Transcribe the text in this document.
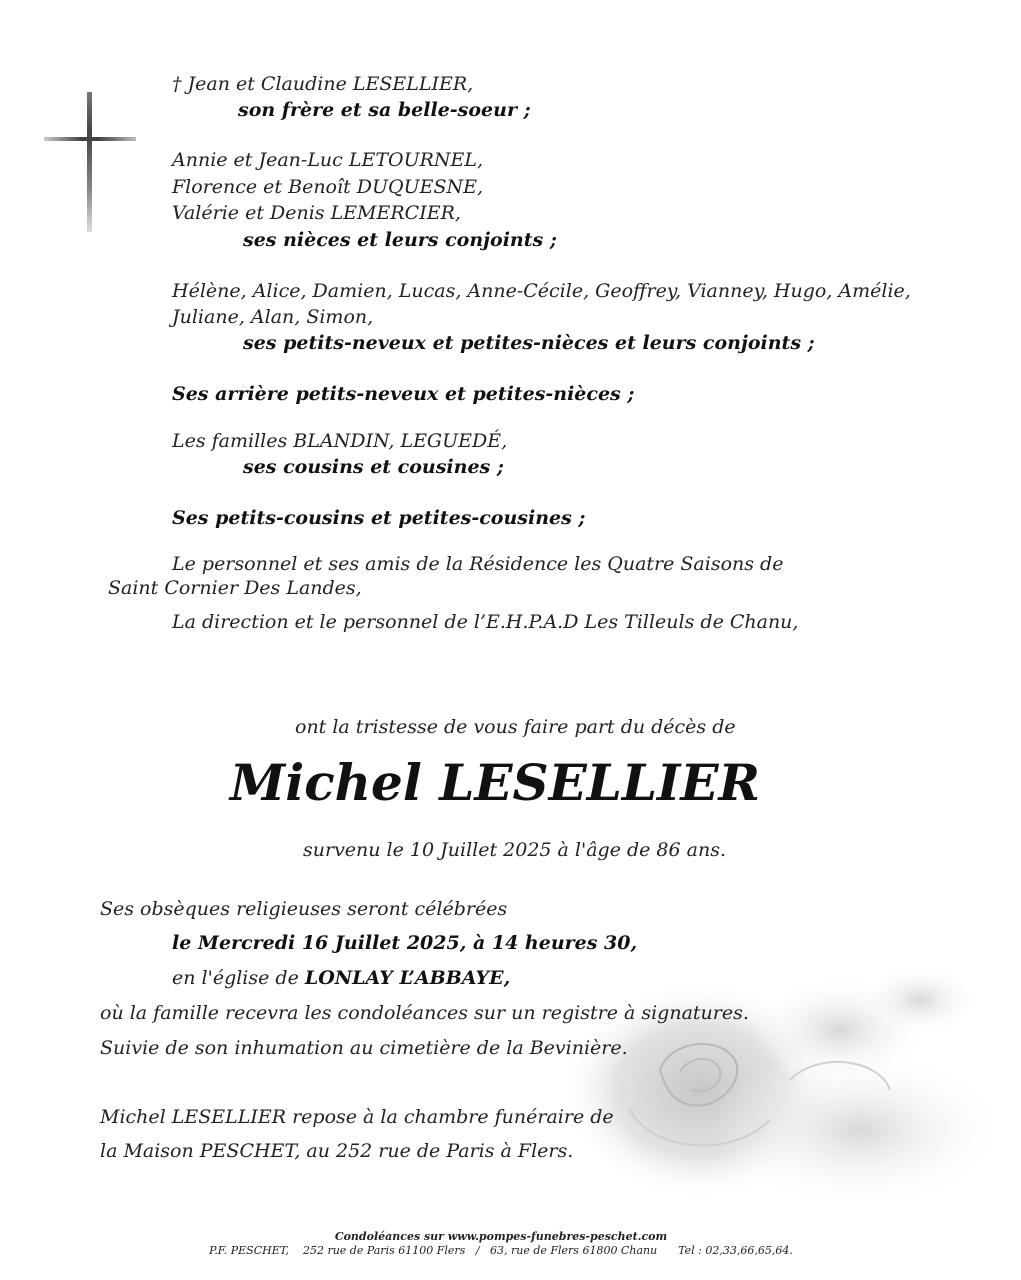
† Jean et Claudine LESELLIER,
son frère et sa belle-soeur ;
Annie et Jean-Luc LETOURNEL,
Florence et Benoît DUQUESNE,
Valérie et Denis LEMERCIER,
ses nièces et leurs conjoints ;
Hélène, Alice, Damien, Lucas, Anne-Cécile, Geoffrey, Vianney, Hugo, Amélie,
Juliane, Alan, Simon,
ses petits-neveux et petites-nièces et leurs conjoints ;
Ses arrière petits-neveux et petites-nièces ;
Les familles BLANDIN, LEGUEDÉ,
ses cousins et cousines ;
Ses petits-cousins et petites-cousines ;
Le personnel et ses amis de la Résidence les Quatre Saisons de
Saint Cornier Des Landes,
La direction et le personnel de l’E.H.P.A.D Les Tilleuls de Chanu,
ont la tristesse de vous faire part du décès de
Michel LESELLIER
survenu le 10 Juillet 2025 à l'âge de 86 ans.
Ses obsèques religieuses seront célébrées
le Mercredi 16 Juillet 2025, à 14 heures 30,
en l'église de LONLAY L’ABBAYE,
où la famille recevra les condoléances sur un registre à signatures.
Suivie de son inhumation au cimetière de la Bevinière.
Michel LESELLIER repose à la chambre funéraire de
la Maison PESCHET, au 252 rue de Paris à Flers.
Condoléances sur www.pompes-funebres-peschet.com
P.F. PESCHET, 252 rue de Paris 61100 Flers / 63, rue de Flers 61800 Chanu Tel : 02,33,66,65,64.
